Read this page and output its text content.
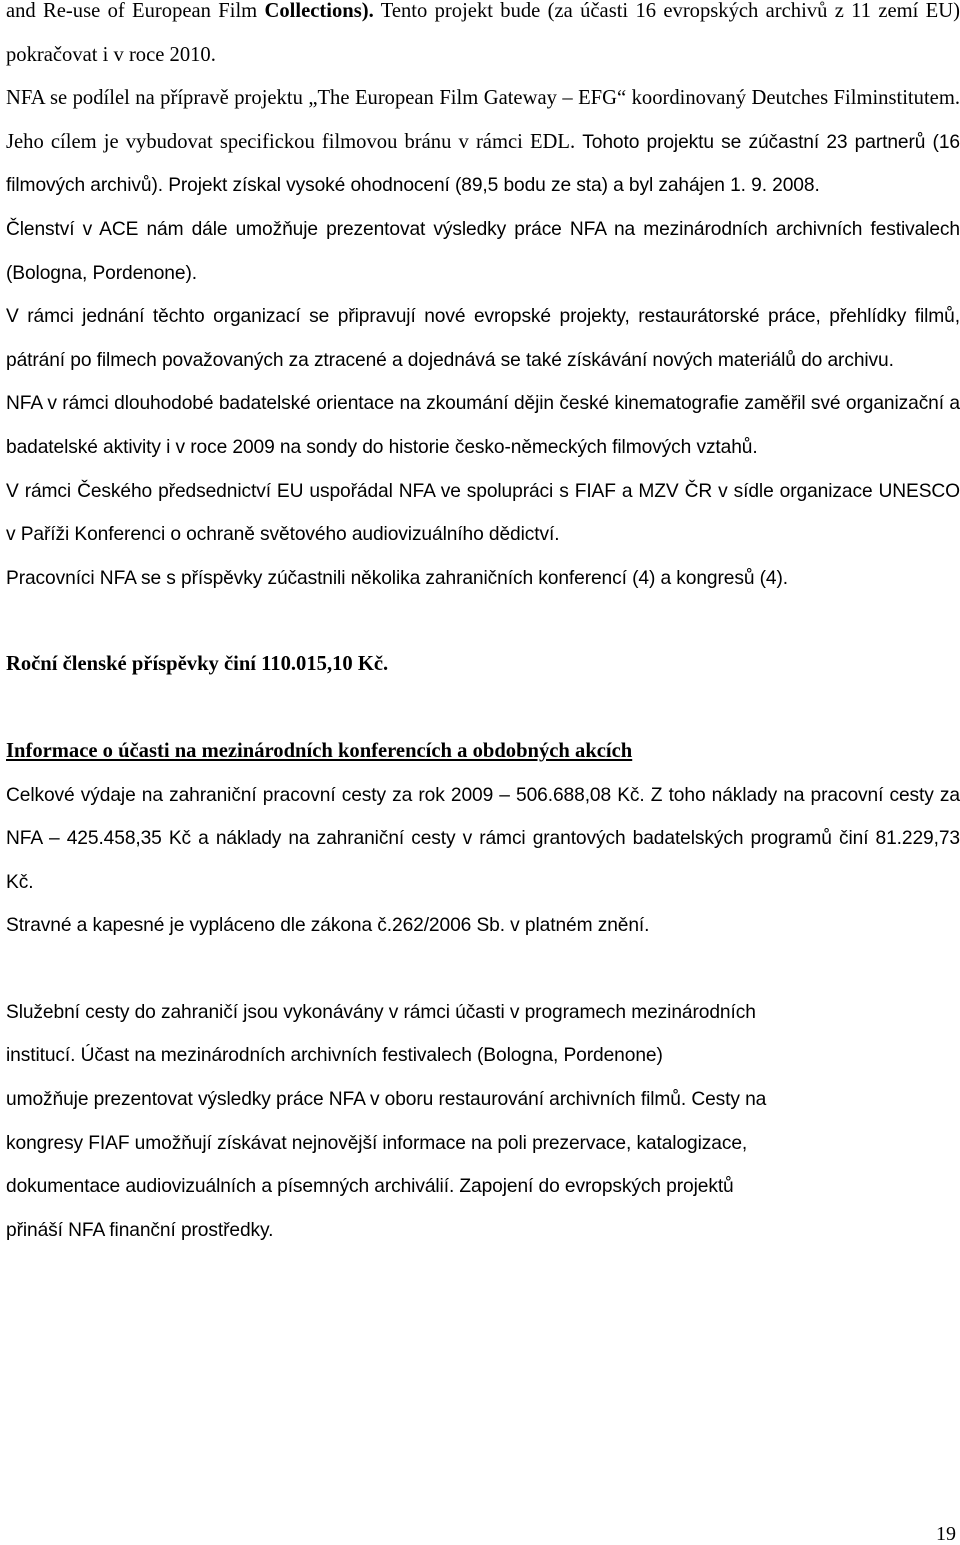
and Re-use of European Film Collections). Tento projekt bude (za účasti 16 evropských archivů z 11 zemí EU) pokračovat i v roce 2010.

NFA se podílel na přípravě projektu „The European Film Gateway – EFG“ koordinovaný Deutches Filminstitutem. Jeho cílem je vybudovat specifickou filmovou bránu v rámci EDL. Tohoto projektu se zúčastní 23 partnerů (16 filmových archivů). Projekt získal vysoké ohodnocení (89,5 bodu ze sta) a byl zahájen 1. 9. 2008.

Členství v ACE nám dále umožňuje prezentovat výsledky práce NFA na mezinárodních archivních festivalech (Bologna, Pordenone).

V rámci jednání těchto organizací se připravují nové evropské projekty, restaurátorské práce, přehlídky filmů, pátrání po filmech považovaných za ztracené a dojednává se také získávání nových materiálů do archivu.

NFA v rámci dlouhodobé badatelské orientace na zkoumání dějin české kinematografie zaměřil své organizační a badatelské aktivity i v roce 2009 na sondy do historie česko-německých filmových vztahů.

V rámci Českého předsednictví EU uspořádal NFA ve spolupráci s FIAF a MZV ČR v sídle organizace UNESCO v Paříži Konferenci o ochraně světového audiovizuálního dědictví.

Pracovníci NFA se s příspěvky zúčastnili několika zahraničních konferencí (4) a kongresů (4).

Roční členské příspěvky činí 110.015,10 Kč.

Informace o účasti na mezinárodních konferencích a obdobných akcích

Celkové výdaje na zahraniční pracovní cesty za rok 2009 – 506.688,08 Kč. Z toho náklady na pracovní cesty za NFA – 425.458,35 Kč a náklady na zahraniční cesty v rámci grantových badatelských programů činí 81.229,73 Kč.

Stravné a kapesné je vypláceno dle zákona č.262/2006 Sb. v platném znění.

Služební cesty do zahraničí jsou vykonávány v rámci účasti v programech mezinárodních

institucí. Účast na mezinárodních archivních festivalech (Bologna, Pordenone)

umožňuje prezentovat výsledky práce NFA v oboru restaurování archivních filmů. Cesty na

kongresy FIAF umožňují získávat nejnovější informace na poli prezervace, katalogizace,

dokumentace audiovizuálních a písemných archiválií. Zapojení do evropských projektů

přináší NFA finanční prostředky.

19
